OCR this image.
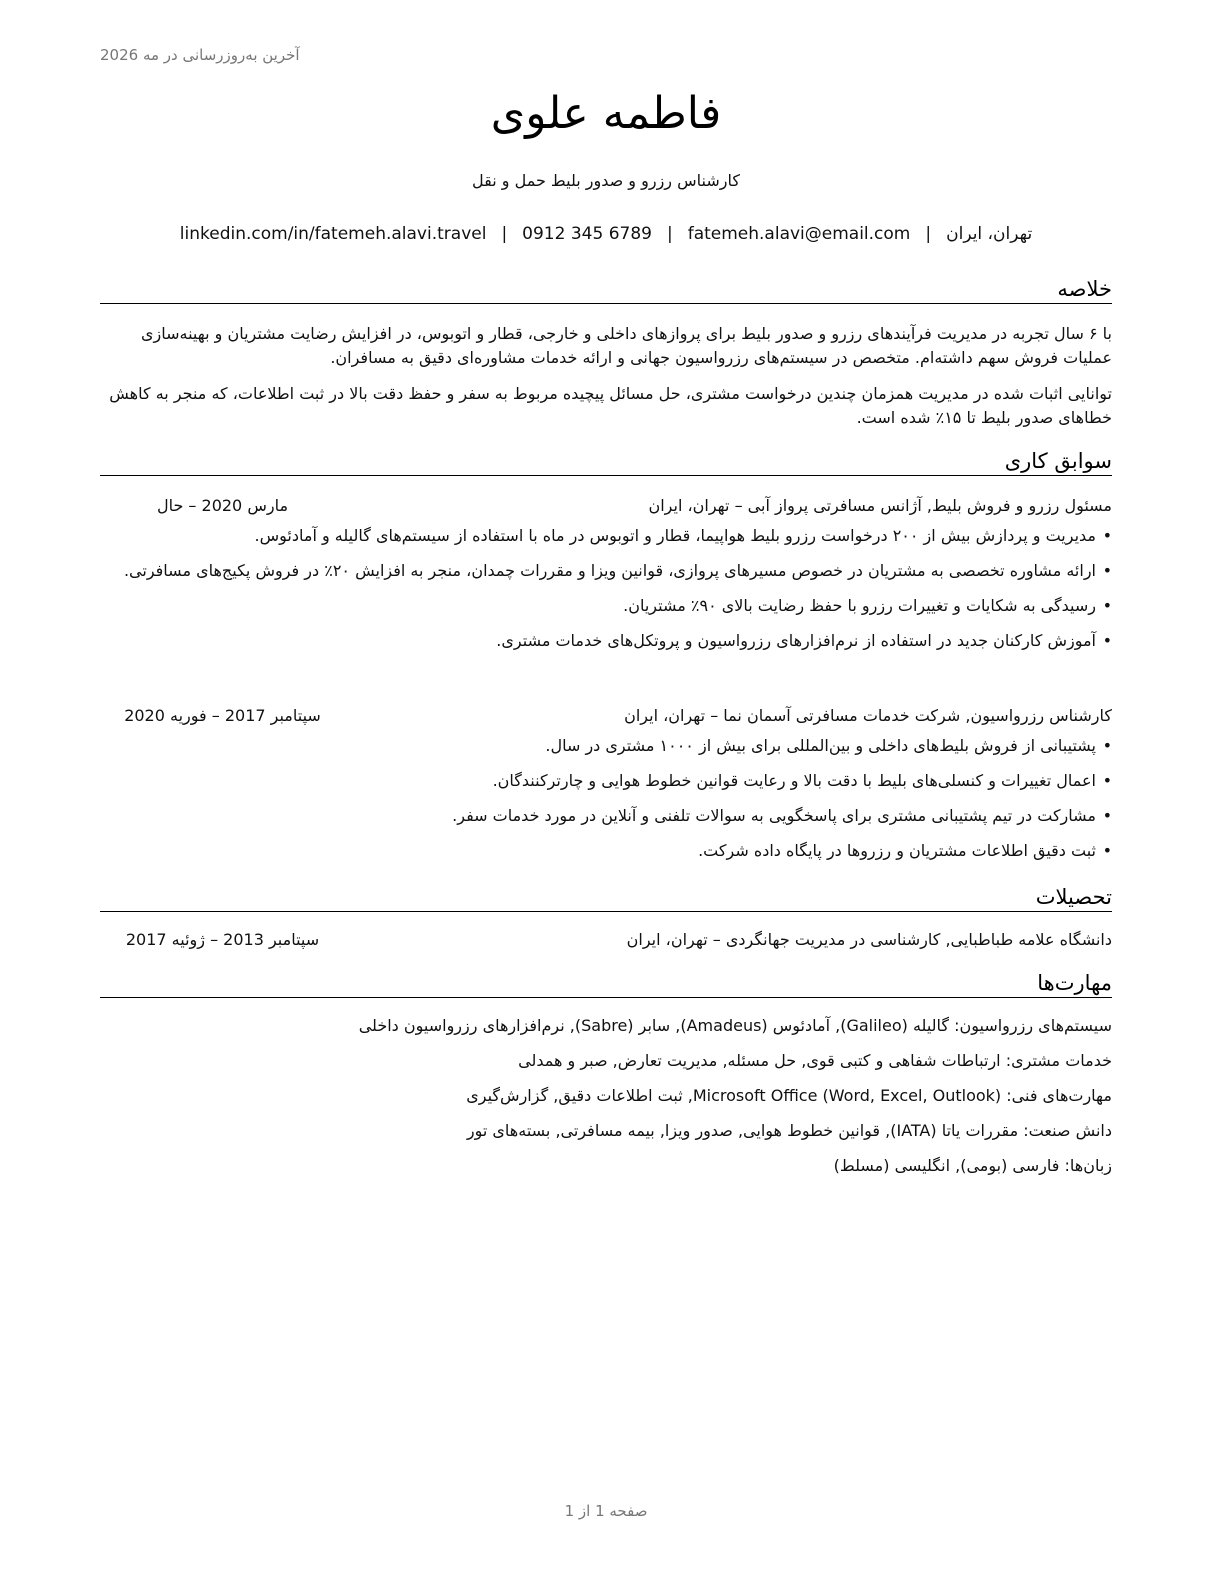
آخرین به‌روزرسانی در مه 2026
فاطمه علوی
کارشناس رزرو و صدور بلیط حمل و نقل
تهران، ایران|fatemeh.alavi@email.com|0912 345 6789|linkedin.com/in/fatemeh.alavi.travel
خلاصه
با ۶ سال تجربه در مدیریت فرآیندهای رزرو و صدور بلیط برای پروازهای داخلی و خارجی، قطار و اتوبوس، در افزایش رضایت مشتریان و بهینه‌سازی عملیات فروش سهم داشته‌ام. متخصص در سیستم‌های رزرواسیون جهانی و ارائه خدمات مشاوره‌ای دقیق به مسافران.
توانایی اثبات شده در مدیریت همزمان چندین درخواست مشتری، حل مسائل پیچیده مربوط به سفر و حفظ دقت بالا در ثبت اطلاعات، که منجر به کاهش خطاهای صدور بلیط تا ۱۵٪ شده است.
سوابق کاری
مسئول رزرو و فروش بلیط, آژانس مسافرتی پرواز آبی – تهران، ایران
مارس 2020 – حال
• مدیریت و پردازش بیش از ۲۰۰ درخواست رزرو بلیط هواپیما، قطار و اتوبوس در ماه با استفاده از سیستم‌های گالیله و آمادئوس.
• ارائه مشاوره تخصصی به مشتریان در خصوص مسیرهای پروازی، قوانین ویزا و مقررات چمدان، منجر به افزایش ۲۰٪ در فروش پکیج‌های مسافرتی.
• رسیدگی به شکایات و تغییرات رزرو با حفظ رضایت بالای ۹۰٪ مشتریان.
• آموزش کارکنان جدید در استفاده از نرم‌افزارهای رزرواسیون و پروتکل‌های خدمات مشتری.
کارشناس رزرواسیون, شرکت خدمات مسافرتی آسمان نما – تهران، ایران
سپتامبر 2017 – فوریه 2020
• پشتیبانی از فروش بلیط‌های داخلی و بین‌المللی برای بیش از ۱۰۰۰ مشتری در سال.
• اعمال تغییرات و کنسلی‌های بلیط با دقت بالا و رعایت قوانین خطوط هوایی و چارترکنندگان.
• مشارکت در تیم پشتیبانی مشتری برای پاسخگویی به سوالات تلفنی و آنلاین در مورد خدمات سفر.
• ثبت دقیق اطلاعات مشتریان و رزروها در پایگاه داده شرکت.
تحصیلات
دانشگاه علامه طباطبایی, کارشناسی در مدیریت جهانگردی – تهران، ایران
سپتامبر 2013 – ژوئیه 2017
مهارت‌ها
سیستم‌های رزرواسیون: گالیله (Galileo), آمادئوس (Amadeus), سابر (Sabre), نرم‌افزارهای رزرواسیون داخلی
خدمات مشتری: ارتباطات شفاهی و کتبی قوی, حل مسئله, مدیریت تعارض, صبر و همدلی
مهارت‌های فنی: Microsoft Office (Word, Excel, Outlook), ثبت اطلاعات دقیق, گزارش‌گیری
دانش صنعت: مقررات یاتا (IATA), قوانین خطوط هوایی, صدور ویزا, بیمه مسافرتی, بسته‌های تور
زبان‌ها: فارسی (بومی), انگلیسی (مسلط)
صفحه 1 از 1
